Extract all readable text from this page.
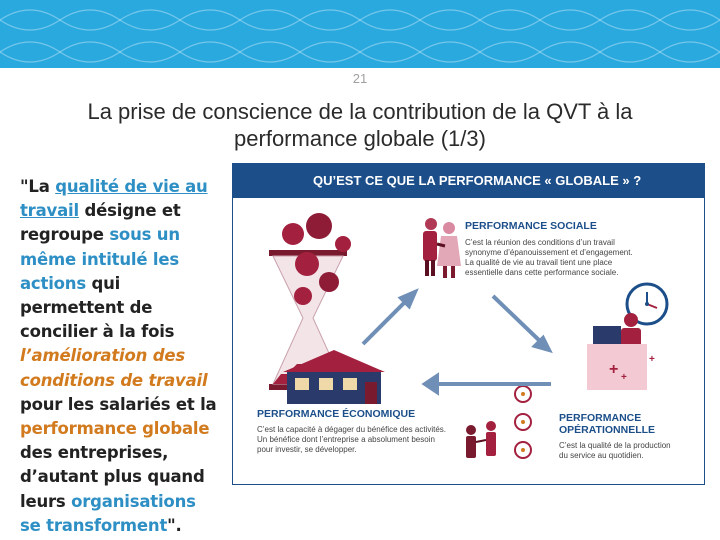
21
La prise de conscience de la contribution de la QVT à la performance globale (1/3)
"La qualité de vie au travail désigne et regroupe sous un même intitulé les actions qui permettent de concilier à la fois l’amélioration des conditions de travail pour les salariés et la performance globale des entreprises, d’autant plus quand leurs organisations se transforment".
QU’EST CE QUE LA PERFORMANCE « GLOBALE » ?
+ +
+
PERFORMANCE SOCIALE
C’est la réunion des conditions d’un travail
synonyme d’épanouissement et d’engagement.
La qualité de vie au travail tient une place
essentielle dans cette performance sociale.
PERFORMANCE ÉCONOMIQUE
C’est la capacité à dégager du bénéfice des activités.
Un bénéfice dont l’entreprise a absolument besoin
pour investir, se développer.
PERFORMANCE
OPÉRATIONNELLE
C’est la qualité de la production
du service au quotidien.
